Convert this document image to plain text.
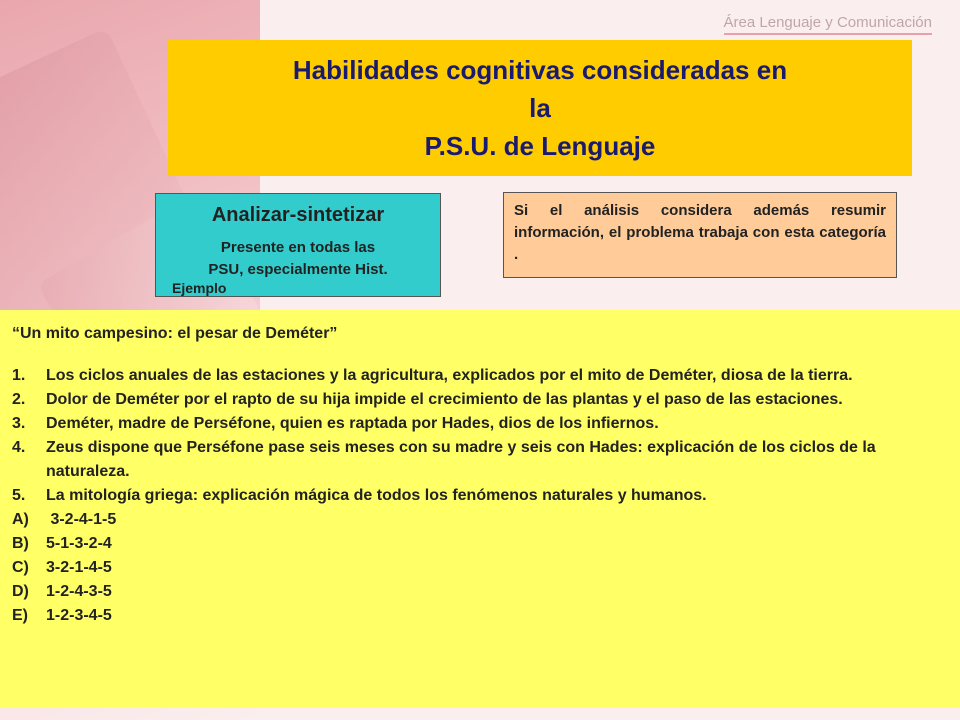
Área Lenguaje y Comunicación
Habilidades cognitivas consideradas en la
P.S.U. de Lenguaje
Analizar-sintetizar
Presente en todas las
PSU, especialmente Hist.
Ejemplo
Si el análisis considera además resumir información, el problema trabaja con esta categoría .

“Un mito campesino: el pesar de Deméter”

1.	Los ciclos anuales de las estaciones y la agricultura, explicados por el mito de Deméter, diosa de la tierra.
2.	Dolor de Deméter por el rapto de su hija impide el crecimiento de las plantas y el paso de las estaciones.
3.	Deméter, madre de Perséfone, quien es raptada por Hades, dios de los infiernos.
4.	Zeus dispone que Perséfone pase seis meses con su madre y seis con Hades: explicación de los ciclos de la naturaleza.
5.	La mitología griega: explicación mágica de todos los fenómenos naturales y humanos.
A)	3-2-4-1-5
B)	5-1-3-2-4
C)	3-2-1-4-5
D)	1-2-4-3-5
E)	1-2-3-4-5
